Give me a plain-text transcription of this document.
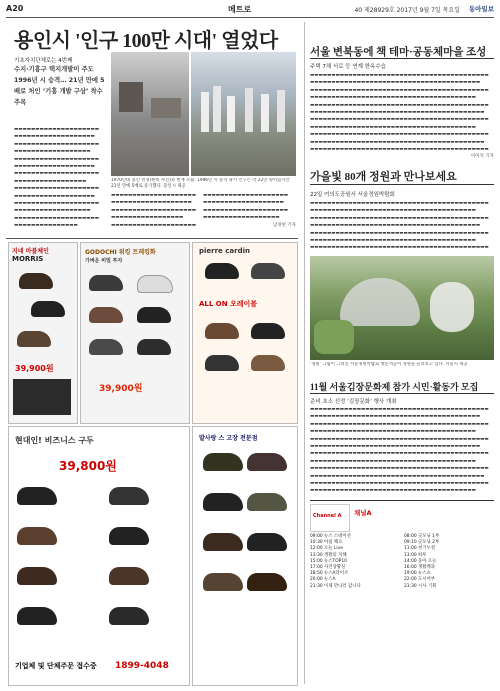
A20	메트로	40 제28929호 2017년 9월 7일 목요일 동아일보
용인시 '인구 100만 시대' 열었다
기초자치단체로는 4번째
수지·기흥구 택지개발이 주도 1996년 시 승격… 21년 만에 5배로 처인 ‘기흥 개발 구상’ 착수 주목
1970년대 용인 전경(왼쪽 사진)과 현재 모습. 1996년 시 승격 당시 인구는 약 22만 명이었지만 21년 만에 5배로 증가했다. 용인시 제공
▬▬▬▬▬▬▬▬▬▬▬▬▬▬▬▬▬▬▬▬
▬▬▬▬▬▬▬▬▬▬▬▬▬▬▬▬▬▬▬
▬▬▬▬▬▬▬▬▬▬▬▬▬▬▬▬▬▬▬▬
▬▬▬▬▬▬▬▬▬▬▬▬▬▬▬▬▬▬
▬▬▬▬▬▬▬▬▬▬▬▬▬▬▬▬▬▬▬▬
▬▬▬▬▬▬▬▬▬▬▬▬▬▬▬▬▬▬▬
▬▬▬▬▬▬▬▬▬▬▬▬▬▬▬▬▬▬▬▬
▬▬▬▬▬▬▬▬▬▬▬▬▬▬▬▬▬
▬▬▬▬▬▬▬▬▬▬▬▬▬▬▬▬▬▬▬▬
▬▬▬▬▬▬▬▬▬▬▬▬▬▬▬▬▬▬▬
▬▬▬▬▬▬▬▬▬▬▬▬▬▬▬▬▬▬▬▬
▬▬▬▬▬▬▬▬▬▬▬▬▬▬▬▬▬▬
▬▬▬▬▬▬▬▬▬▬▬▬▬▬▬▬▬▬▬▬
▬▬▬▬▬▬▬▬▬▬▬▬▬▬▬
▬▬▬▬▬▬▬▬▬▬▬▬▬▬▬▬▬▬▬▬
▬▬▬▬▬▬▬▬▬▬▬▬▬▬▬▬▬▬▬
▬▬▬▬▬▬▬▬▬▬▬▬▬▬▬▬▬▬▬▬
▬▬▬▬▬▬▬▬▬▬▬▬▬▬▬▬▬
▬▬▬▬▬▬▬▬▬▬▬▬▬▬▬▬▬▬▬▬
▬▬▬▬▬▬▬▬▬▬▬▬▬▬▬▬▬▬▬▬
▬▬▬▬▬▬▬▬▬▬▬▬▬▬▬▬▬▬▬
▬▬▬▬▬▬▬▬▬▬▬▬▬▬▬▬▬▬▬▬
▬▬▬▬▬▬▬▬▬▬▬▬▬▬▬▬▬▬
남경현 기자
지네 마블체인
MORRIS
39,900원
GODOCHI 워킹 트레킹화
가벼운 비밀 투자
39,900원
pierre cardin
ALL ON 오레이블
현대인! 비즈니스 구두
39,800원
기업체 및 단체주문 접수중 1899-4048
발사랑 스 고장 전문점
서울 변북동에 책 테마·공동체마을 조성
주택 7채 서로 등 연계 한옥수습
▬▬▬▬▬▬▬▬▬▬▬▬▬▬▬▬▬▬▬▬▬▬▬▬▬▬▬▬▬▬▬▬▬▬▬▬▬▬▬▬▬▬
▬▬▬▬▬▬▬▬▬▬▬▬▬▬▬▬▬▬▬▬▬▬▬▬▬▬▬▬▬▬▬▬▬▬▬▬▬▬▬▬
▬▬▬▬▬▬▬▬▬▬▬▬▬▬▬▬▬▬▬▬▬▬▬▬▬▬▬▬▬▬▬▬▬▬▬▬▬▬▬▬▬▬
▬▬▬▬▬▬▬▬▬▬▬▬▬▬▬▬▬▬▬▬▬▬▬▬▬▬▬▬▬▬▬▬▬▬▬▬▬▬▬
▬▬▬▬▬▬▬▬▬▬▬▬▬▬▬▬▬▬▬▬▬▬▬▬▬▬▬▬▬▬▬▬▬▬▬▬▬▬▬▬▬▬
▬▬▬▬▬▬▬▬▬▬▬▬▬▬▬▬▬▬▬▬▬▬▬▬▬▬▬▬▬▬▬▬▬▬▬▬▬▬▬▬▬
▬▬▬▬▬▬▬▬▬▬▬▬▬▬▬▬▬▬▬▬▬▬▬▬▬▬▬▬▬▬▬▬▬▬▬▬▬▬▬▬▬▬
▬▬▬▬▬▬▬▬▬▬▬▬▬▬▬▬▬▬▬▬▬▬▬▬▬▬▬▬▬▬▬▬▬▬▬▬▬▬▬
▬▬▬▬▬▬▬▬▬▬▬▬▬▬▬▬▬▬▬▬▬▬▬▬▬▬▬▬▬▬▬▬▬▬▬▬▬▬▬▬▬▬
▬▬▬▬▬▬▬▬▬▬▬▬▬▬▬▬▬▬▬▬▬▬▬▬▬▬▬▬▬▬▬▬▬▬▬▬▬▬▬▬▬
▬▬▬▬▬▬▬▬▬▬▬▬▬▬▬▬▬▬▬▬▬▬▬▬▬▬▬▬▬▬▬▬▬▬▬▬▬▬▬▬▬▬
이미지 기자
가을빛 80개 정원과 만나보세요
22일 여의도공원서 서울정원박람회
▬▬▬▬▬▬▬▬▬▬▬▬▬▬▬▬▬▬▬▬▬▬▬▬▬▬▬▬▬▬▬▬▬▬▬▬▬▬▬▬▬▬
▬▬▬▬▬▬▬▬▬▬▬▬▬▬▬▬▬▬▬▬▬▬▬▬▬▬▬▬▬▬▬▬▬▬▬▬▬▬▬
▬▬▬▬▬▬▬▬▬▬▬▬▬▬▬▬▬▬▬▬▬▬▬▬▬▬▬▬▬▬▬▬▬▬▬▬▬▬▬▬▬▬
▬▬▬▬▬▬▬▬▬▬▬▬▬▬▬▬▬▬▬▬▬▬▬▬▬▬▬▬▬▬▬▬▬▬▬▬▬▬▬▬
▬▬▬▬▬▬▬▬▬▬▬▬▬▬▬▬▬▬▬▬▬▬▬▬▬▬▬▬▬▬▬▬▬▬▬▬▬▬▬▬▬▬
▬▬▬▬▬▬▬▬▬▬▬▬▬▬▬▬▬▬▬▬▬▬▬▬▬▬▬▬▬▬▬▬▬▬▬▬▬▬▬
▬▬▬▬▬▬▬▬▬▬▬▬▬▬▬▬▬▬▬▬▬▬▬▬▬▬▬▬▬▬▬▬▬▬▬▬▬▬▬▬▬▬
‘정원’ 그림이 그려진 서울정원박람회 방문객들이 정원을 둘러보고 있다. 서울시 제공
11월 서울김장문화제 참가 시민·활동가 모집
준비 초소 선정 ‘김장문화’ 행사 개최
▬▬▬▬▬▬▬▬▬▬▬▬▬▬▬▬▬▬▬▬▬▬▬▬▬▬▬▬▬▬▬▬▬▬▬▬▬▬▬▬▬▬
▬▬▬▬▬▬▬▬▬▬▬▬▬▬▬▬▬▬▬▬▬▬▬▬▬▬▬▬▬▬▬▬▬▬▬▬▬▬▬▬
▬▬▬▬▬▬▬▬▬▬▬▬▬▬▬▬▬▬▬▬▬▬▬▬▬▬▬▬▬▬▬▬▬▬▬▬▬▬▬▬▬▬
▬▬▬▬▬▬▬▬▬▬▬▬▬▬▬▬▬▬▬▬▬▬▬▬▬▬▬▬▬▬▬▬▬▬▬▬▬▬▬
▬▬▬▬▬▬▬▬▬▬▬▬▬▬▬▬▬▬▬▬▬▬▬▬▬▬▬▬▬▬▬▬▬▬▬▬▬▬▬▬▬▬
▬▬▬▬▬▬▬▬▬▬▬▬▬▬▬▬▬▬▬▬▬▬▬▬▬▬▬▬▬▬▬▬▬▬▬▬▬▬▬▬
▬▬▬▬▬▬▬▬▬▬▬▬▬▬▬▬▬▬▬▬▬▬▬▬▬▬▬▬▬▬▬▬▬▬▬▬▬▬▬▬▬▬
▬▬▬▬▬▬▬▬▬▬▬▬▬▬▬▬▬▬▬▬▬▬▬▬▬▬▬▬▬▬▬▬▬▬▬▬▬▬▬
▬▬▬▬▬▬▬▬▬▬▬▬▬▬▬▬▬▬▬▬▬▬▬▬▬▬▬▬▬▬▬▬▬▬▬▬▬▬▬▬▬▬
▬▬▬▬▬▬▬▬▬▬▬▬▬▬▬▬▬▬▬▬▬▬▬▬▬▬▬▬▬▬▬▬▬▬▬▬▬▬▬▬▬
▬▬▬▬▬▬▬▬▬▬▬▬▬▬▬▬▬▬▬▬▬▬▬▬▬▬▬▬▬▬▬▬▬▬▬▬▬▬▬▬▬▬
▬▬▬▬▬▬▬▬▬▬▬▬▬▬▬▬▬▬▬▬▬▬▬▬▬▬▬▬▬▬▬▬▬▬▬▬▬▬▬
Channel A 채널A
09:00 뉴스 스테이션
10:30 아침 해요
12:00 오늘 Live
13:30 생활의 지혜
15:00 뉴스TOP10
17:00 사건상황실
18:50 뉴스A라이브
20:00 뉴스A
21:30 이제 만나러 갑니다
08:00 굿모닝 1부
09:10 굿모닝 2부
11:00 천기누설
13:00 하루
14:00 동아 오늘
16:00 생활백과
19:00 뉴스쇼
22:00 도시어부
23:30 시사 기획
